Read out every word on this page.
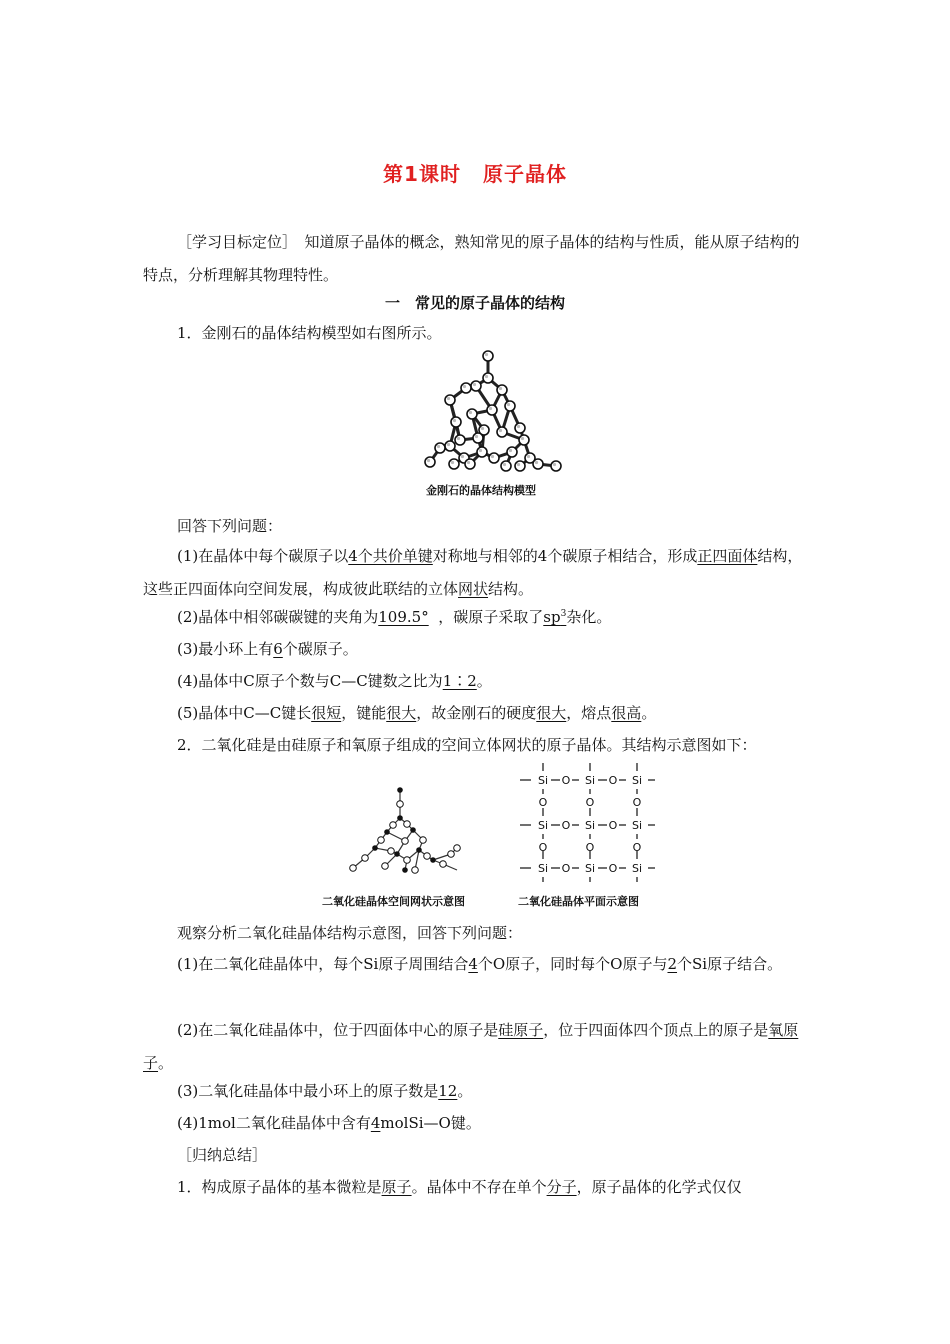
第1课时 原子晶体
［学习目标定位］　 知道原子晶体的概念，熟知常见的原子晶体的结构与性质，能从原子结构的特点，分析理解其物理特性。
一　常见的原子晶体的结构
1．金刚石的晶体结构模型如右图所示。
金刚石的晶体结构模型
回答下列问题：
(1)在晶体中每个碳原子以4个共价单键对称地与相邻的4个碳原子相结合，形成正四面体结构，这些正四面体向空间发展，构成彼此联结的立体网状结构。
(2)晶体中相邻碳碳键的夹角为109.5° ，碳原子采取了$sp^3$杂化。
(3)最小环上有6个碳原子。
(4)晶体中C原子个数与C—C键数之比为1∶2。
(5)晶体中C—C键长很短，键能很大，故金刚石的硬度很大，熔点很高。
2．二氧化硅是由硅原子和氧原子组成的空间立体网状的原子晶体。其结构示意图如下：
二氧化硅晶体空间网状示意图
Si	Si	Si
O	O
Si	Si	Si
O	O
Si	Si	Si
O	O
O	O	O
O	O	O
二氧化硅晶体平面示意图
观察分析二氧化硅晶体结构示意图，回答下列问题：
(1)在二氧化硅晶体中，每个Si原子周围结合4个O原子，同时每个O原子与2个Si原子结合。
(2)在二氧化硅晶体中，位于四面体中心的原子是硅原子，位于四面体四个顶点上的原子是氧原子。
(3)二氧化硅晶体中最小环上的原子数是12。
(4)1mol二氧化硅晶体中含有4molSi—O键。
［归纳总结］
1．构成原子晶体的基本微粒是原子。晶体中不存在单个分子，原子晶体的化学式仅仅
